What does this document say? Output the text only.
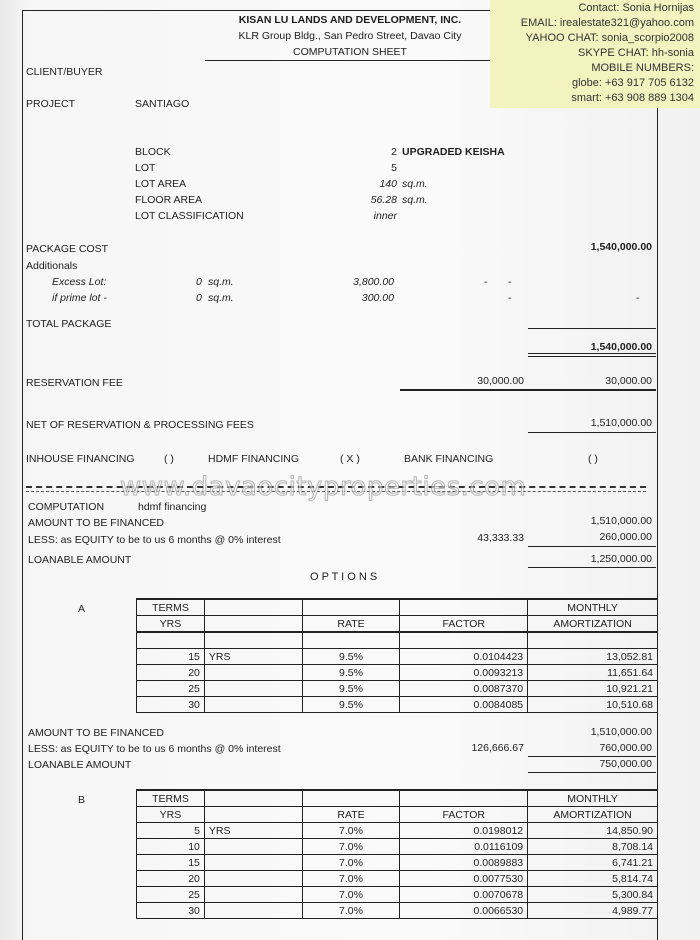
KISAN LU LANDS AND DEVELOPMENT, INC.
KLR Group Bldg., San Pedro Street, Davao City
COMPUTATION SHEET
Contact: Sonia Hornijas
EMAIL: irealestate321@yahoo.com
YAHOO CHAT: sonia_scorpio2008
SKYPE CHAT: hh-sonia
MOBILE NUMBERS:
globe: +63 917 705 6132
smart: +63 908 889 1304
CLIENT/BUYER
PROJECT	SANTIAGO
BLOCK	2 UPGRADED KEISHA
LOT	5
LOT AREA	140 sq.m.
FLOOR AREA	56.28 sq.m.
LOT CLASSIFICATION	inner
PACKAGE COST	1,540,000.00
Additionals
Excess Lot:	0 sq.m.	3,800.00	- -
if prime lot -	0 sq.m.	300.00	-	-
TOTAL PACKAGE
1,540,000.00
RESERVATION FEE	30,000.00	30,000.00
NET OF RESERVATION & PROCESSING FEES	1,510,000.00
INHOUSE FINANCING	( )	HDMF FINANCING	( X )	BANK FINANCING	( )
www.davaocityproperties.com
COMPUTATION	hdmf financing
AMOUNT TO BE FINANCED	1,510,000.00
LESS: as EQUITY to be to us 6 months @ 0% interest	43,333.33	260,000.00
LOANABLE AMOUNT	1,250,000.00
O P T I O N S
A	TERMS				MONTHLY
YRS		RATE	FACTOR	AMORTIZATION

15	YRS	9.5%	0.0104423	13,052.81
20		9.5%	0.0093213	11,651.64
25		9.5%	0.0087370	10,921.21
30		9.5%	0.0084085	10,510.68
AMOUNT TO BE FINANCED	1,510,000.00
LESS: as EQUITY to be to us 6 months @ 0% interest	126,666.67	760,000.00
LOANABLE AMOUNT	750,000.00
B	TERMS				MONTHLY
YRS		RATE	FACTOR	AMORTIZATION
5	YRS	7.0%	0.0198012	14,850.90
10		7.0%	0.0116109	8,708.14
15		7.0%	0.0089883	6,741.21
20		7.0%	0.0077530	5,814.74
25		7.0%	0.0070678	5,300.84
30		7.0%	0.0066530	4,989.77
